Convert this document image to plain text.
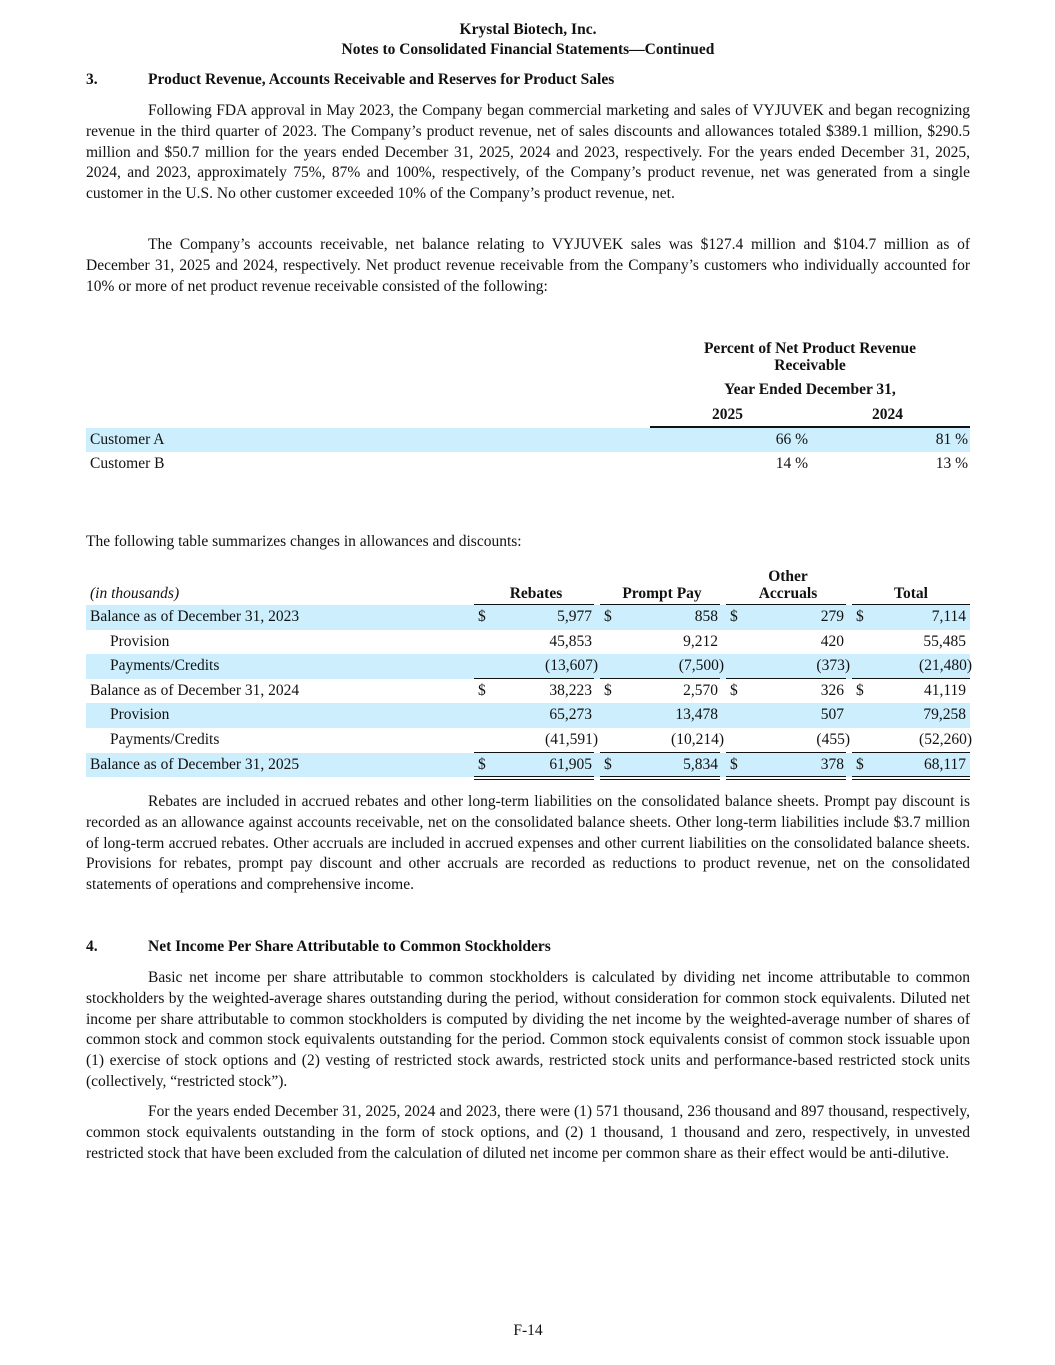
Krystal Biotech, Inc.
Notes to Consolidated Financial Statements—Continued
3.	Product Revenue, Accounts Receivable and Reserves for Product Sales

Following FDA approval in May 2023, the Company began commercial marketing and sales of VYJUVEK and began recognizing revenue in the third quarter of 2023. The Company’s product revenue, net of sales discounts and allowances totaled $389.1 million, $290.5 million and $50.7 million for the years ended December 31, 2025, 2024 and 2023, respectively. For the years ended December 31, 2025, 2024, and 2023, approximately 75%, 87% and 100%, respectively, of the Company’s product revenue, net was generated from a single customer in the U.S. No other customer exceeded 10% of the Company’s product revenue, net.

The Company’s accounts receivable, net balance relating to VYJUVEK sales was $127.4 million and $104.7 million as of December 31, 2025 and 2024, respectively. Net product revenue receivable from the Company’s customers who individually accounted for 10% or more of net product revenue receivable consisted of the following:

Percent of Net Product Revenue
Receivable
Year Ended December 31,
2025	2024
Customer A	66 %	81 %
Customer B	14 %	13 %
The following table summarizes changes in allowances and discounts:
(in thousands)	Rebates	Prompt Pay
Other
Accruals	Total
Balance as of December 31, 2023	$	5,977 $	858 $	279 $	7,114
Provision	45,853	9,212	420	55,485
Payments/Credits	(13,607)	(7,500)	(373)	(21,480)
Balance as of December 31, 2024	$	38,223 $	2,570 $	326 $	41,119
Provision	65,273	13,478	507	79,258
Payments/Credits	(41,591)	(10,214)	(455)	(52,260)
Balance as of December 31, 2025	$	61,905 $	5,834 $	378 $	68,117

Rebates are included in accrued rebates and other long-term liabilities on the consolidated balance sheets. Prompt pay discount is recorded as an allowance against accounts receivable, net on the consolidated balance sheets. Other long-term liabilities include $3.7 million of long-term accrued rebates. Other accruals are included in accrued expenses and other current liabilities on the consolidated balance sheets. Provisions for rebates, prompt pay discount and other accruals are recorded as reductions to product revenue, net on the consolidated statements of operations and comprehensive income.

4.	Net Income Per Share Attributable to Common Stockholders

Basic net income per share attributable to common stockholders is calculated by dividing net income attributable to common stockholders by the weighted-average shares outstanding during the period, without consideration for common stock equivalents. Diluted net income per share attributable to common stockholders is computed by dividing the net income by the weighted-average number of shares of common stock and common stock equivalents outstanding for the period. Common stock equivalents consist of common stock issuable upon (1) exercise of stock options and (2) vesting of restricted stock awards, restricted stock units and performance-based restricted stock units (collectively, “restricted stock”).

For the years ended December 31, 2025, 2024 and 2023, there were (1) 571 thousand, 236 thousand and 897 thousand, respectively, common stock equivalents outstanding in the form of stock options, and (2) 1 thousand, 1 thousand and zero, respectively, in unvested restricted stock that have been excluded from the calculation of diluted net income per common share as their effect would be anti-dilutive.

F-14
